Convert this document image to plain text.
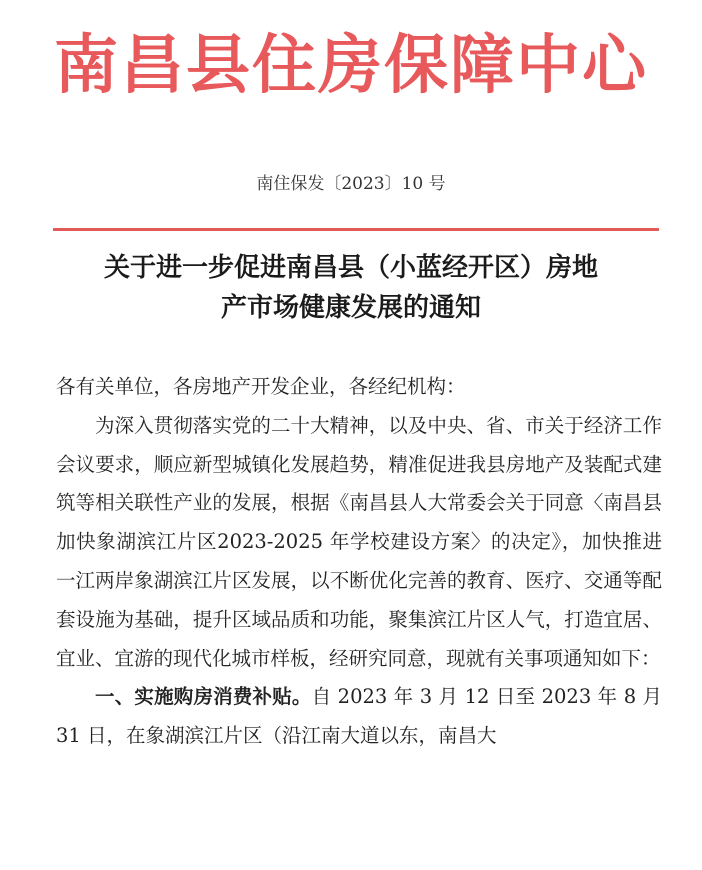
南昌县住房保障中心
南住保发〔2023〕10 号
关于进一步促进南昌县（小蓝经开区）房地
产市场健康发展的通知

各有关单位，各房地产开发企业，各经纪机构：

为深入贯彻落实党的二十大精神，以及中央、省、市关于经济工作会议要求，顺应新型城镇化发展趋势，精准促进我县房地产及装配式建筑等相关联性产业的发展，根据《南昌县人大常委会关于同意〈南昌县加快象湖滨江片区2023-2025 年学校建设方案〉的决定》，加快推进一江两岸象湖滨江片区发展，以不断优化完善的教育、医疗、交通等配套设施为基础，提升区域品质和功能，聚集滨江片区人气，打造宜居、宜业、宜游的现代化城市样板，经研究同意，现就有关事项通知如下：

一、实施购房消费补贴。自 2023 年 3 月 12 日至 2023 年 8 月 31 日，在象湖滨江片区（沿江南大道以东，南昌大
